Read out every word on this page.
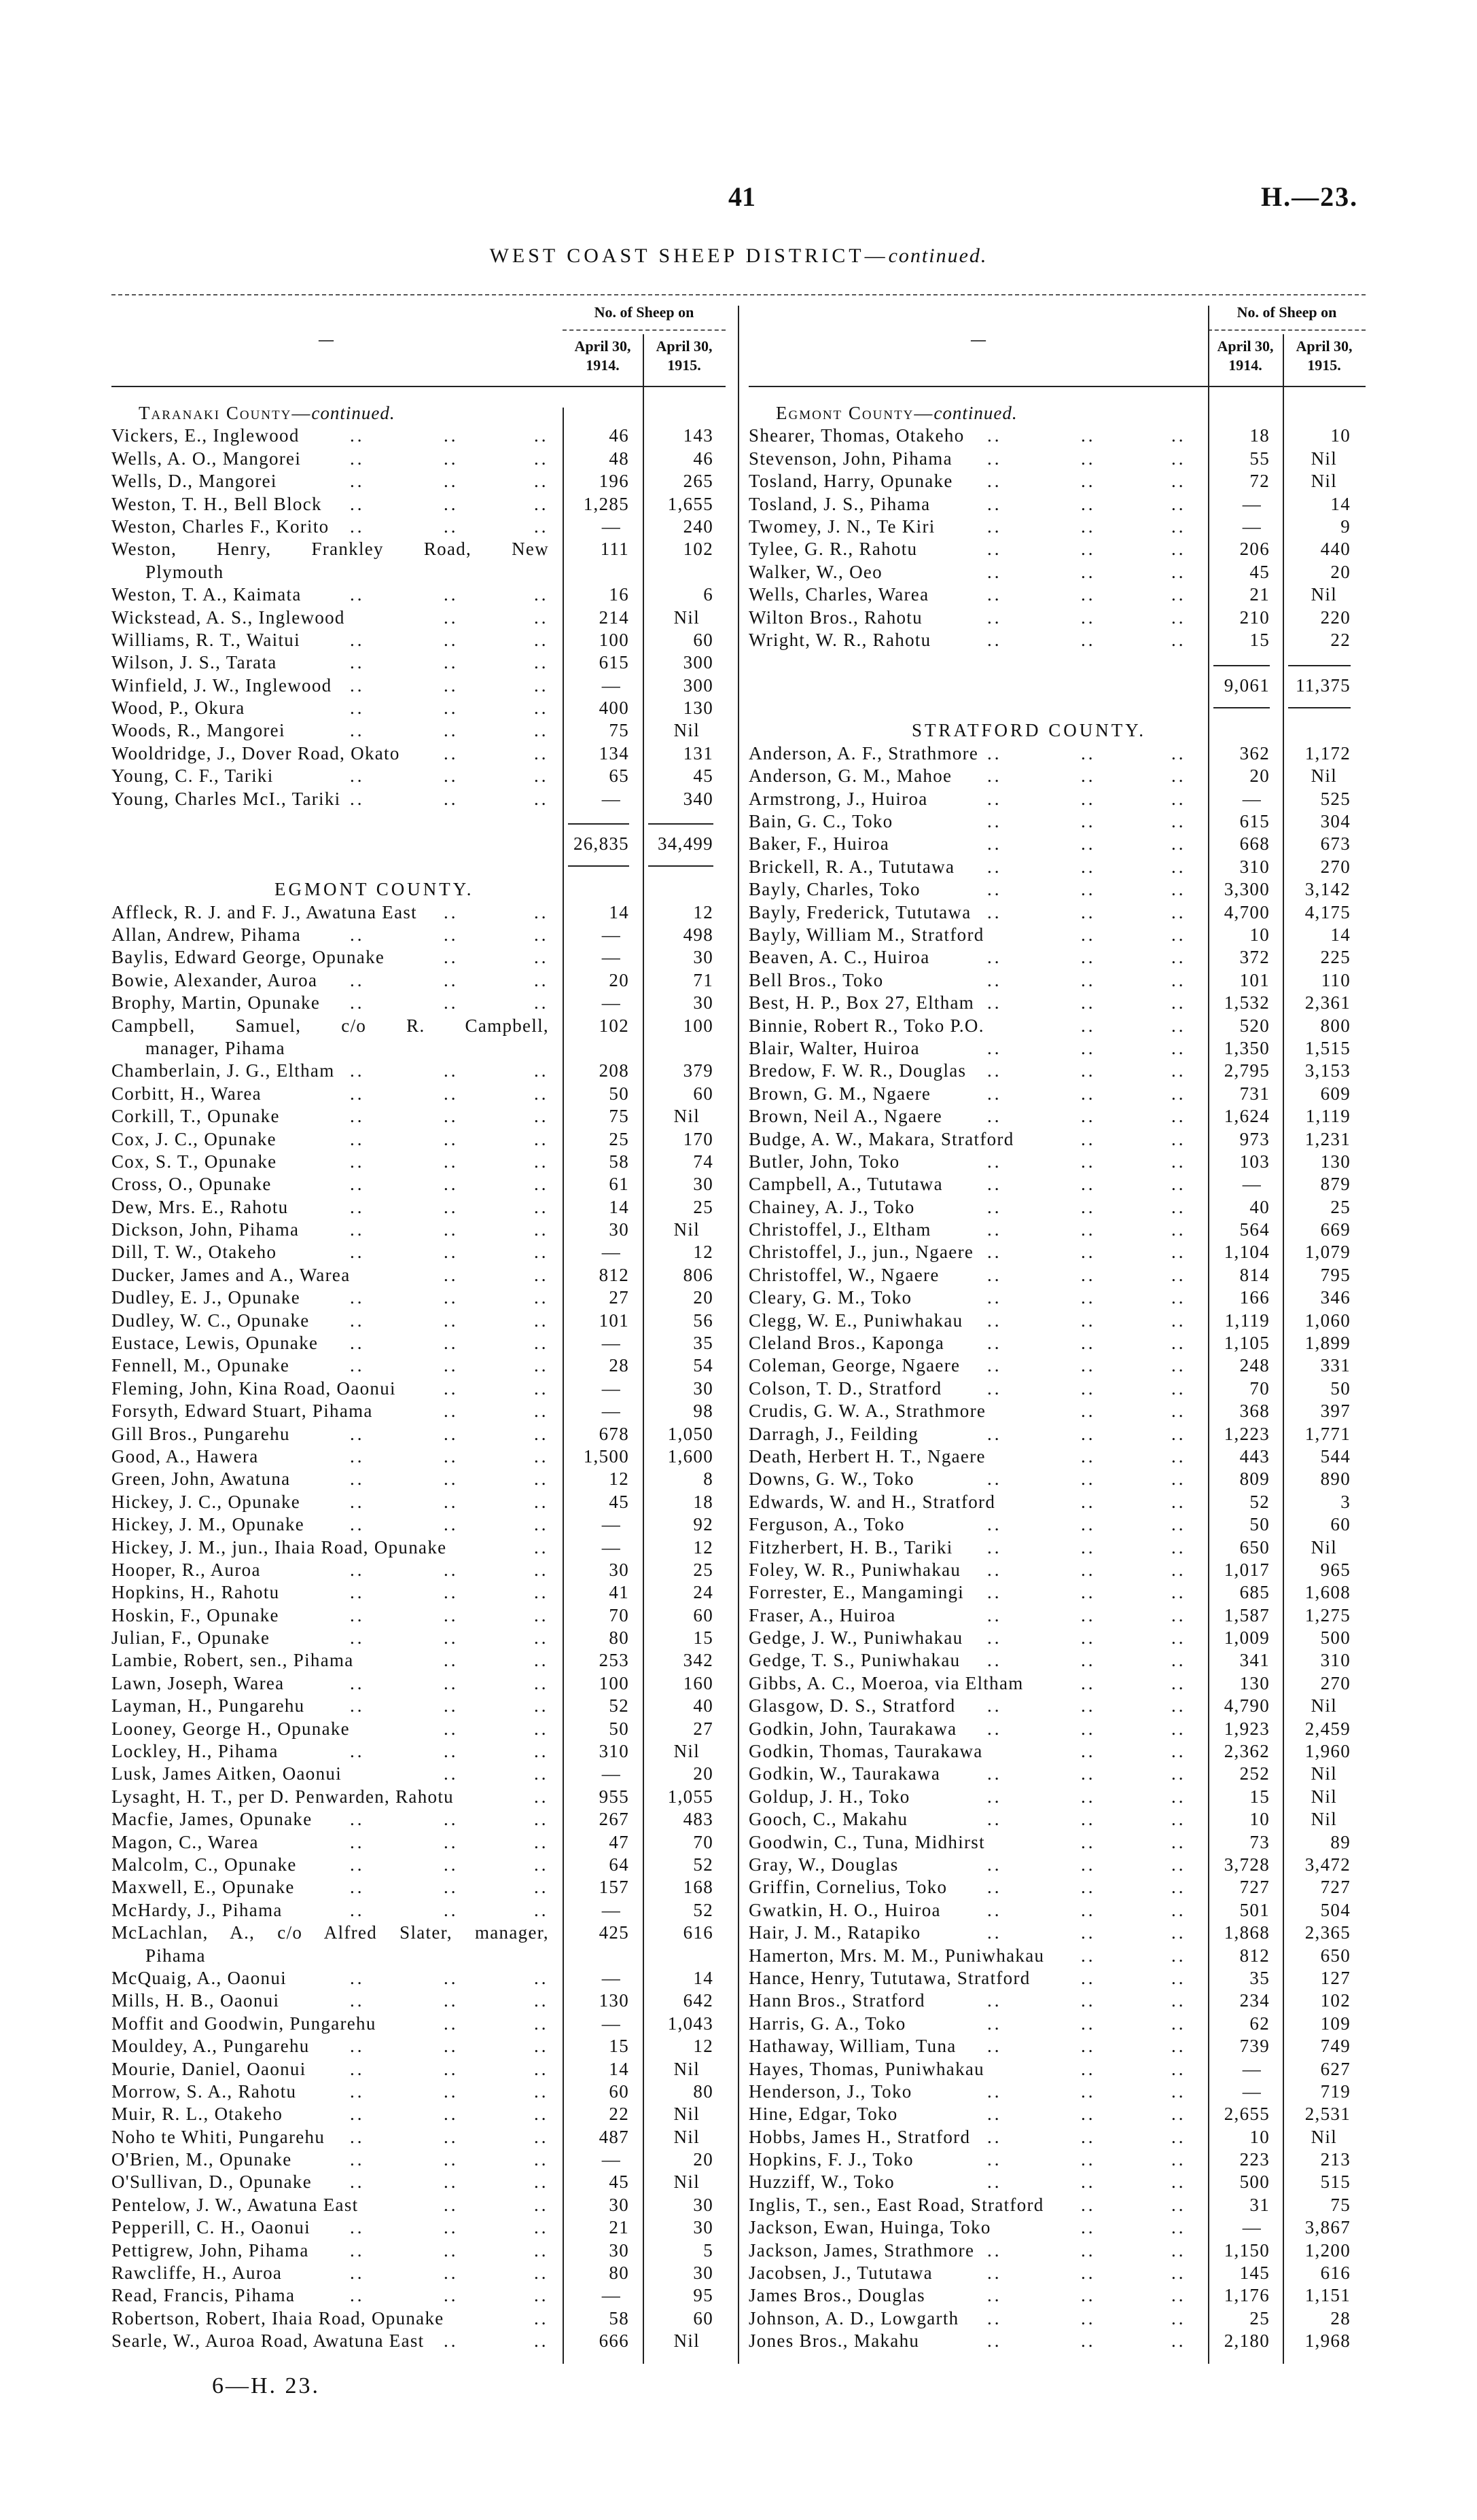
41	H.—23.
WEST COAST SHEEP DISTRICT—continued.
No. of Sheep on	No. of Sheep on
—	—
April 30,
1914.
April 30,
1915.
April 30,
1914.
April 30,
1915.
Taranaki County—continued.
Vickers, E., Inglewood	46	143
..	..	..
Wells, A. O., Mangorei	48	46
..	..	..
Wells, D., Mangorei	196	265
..	..	..
Weston, T. H., Bell Block	1,285	1,655
..	..	..
Weston, Charles F., Korito	—	240
..	..	..
Weston, Henry, Frankley Road, New	111	102
Plymouth
Weston, T. A., Kaimata	16	6
..	..	..
Wickstead, A. S., Inglewood	214	Nil
..	..
Williams, R. T., Waitui	100	60
..	..	..
Wilson, J. S., Tarata	615	300
..	..	..
Winfield, J. W., Inglewood	—	300
..	..	..
Wood, P., Okura	400	130
..	..	..
Woods, R., Mangorei	75	Nil
..	..	..
Wooldridge, J., Dover Road, Okato	134	131
..	..
Young, C. F., Tariki	65	45
..	..	..
Young, Charles McI., Tariki	—	340
..	..	..
26,835	34,499
EGMONT COUNTY.
Affleck, R. J. and F. J., Awatuna East	14	12
..	..
Allan, Andrew, Pihama	—	498
..	..	..
Baylis, Edward George, Opunake	—	30
..	..
Bowie, Alexander, Auroa	20	71
..	..	..
Brophy, Martin, Opunake	—	30
..	..	..
Campbell, Samuel, c/o R. Campbell,	102	100
manager, Pihama
Chamberlain, J. G., Eltham	208	379
..	..	..
Corbitt, H., Warea	50	60
..	..	..
Corkill, T., Opunake	75	Nil
..	..	..
Cox, J. C., Opunake	25	170
..	..	..
Cox, S. T., Opunake	58	74
..	..	..
Cross, O., Opunake	61	30
..	..	..
Dew, Mrs. E., Rahotu	14	25
..	..	..
Dickson, John, Pihama	30	Nil
..	..	..
Dill, T. W., Otakeho	—	12
..	..	..
Ducker, James and A., Warea	812	806
..	..
Dudley, E. J., Opunake	27	20
..	..	..
Dudley, W. C., Opunake	101	56
..	..	..
Eustace, Lewis, Opunake	—	35
..	..	..
Fennell, M., Opunake	28	54
..	..	..
Fleming, John, Kina Road, Oaonui	—	30
..	..
Forsyth, Edward Stuart, Pihama	—	98
..	..
Gill Bros., Pungarehu	678	1,050
..	..	..
Good, A., Hawera	1,500	1,600
..	..	..
Green, John, Awatuna	12	8
..	..	..
Hickey, J. C., Opunake	45	18
..	..	..
Hickey, J. M., Opunake	—	92
..	..	..
Hickey, J. M., jun., Ihaia Road, Opunake	—	12
..
Hooper, R., Auroa	30	25
..	..	..
Hopkins, H., Rahotu	41	24
..	..	..
Hoskin, F., Opunake	70	60
..	..	..
Julian, F., Opunake	80	15
..	..	..
Lambie, Robert, sen., Pihama	253	342
..	..
Lawn, Joseph, Warea	100	160
..	..	..
Layman, H., Pungarehu	52	40
..	..	..
Looney, George H., Opunake	50	27
..	..
Lockley, H., Pihama	310	Nil
..	..	..
Lusk, James Aitken, Oaonui	—	20
..	..
Lysaght, H. T., per D. Penwarden, Rahotu	955	1,055
..
Macfie, James, Opunake	267	483
..	..	..
Magon, C., Warea	47	70
..	..	..
Malcolm, C., Opunake	64	52
..	..	..
Maxwell, E., Opunake	157	168
..	..	..
McHardy, J., Pihama	—	52
..	..	..
McLachlan, A., c/o Alfred Slater, manager,	425	616
Pihama
McQuaig, A., Oaonui	—	14
..	..	..
Mills, H. B., Oaonui	130	642
..	..	..
Moffit and Goodwin, Pungarehu	—	1,043
..	..
Mouldey, A., Pungarehu	15	12
..	..	..
Mourie, Daniel, Oaonui	14	Nil
..	..	..
Morrow, S. A., Rahotu	60	80
..	..	..
Muir, R. L., Otakeho	22	Nil
..	..	..
Noho te Whiti, Pungarehu	487	Nil
..	..	..
O'Brien, M., Opunake	—	20
..	..	..
O'Sullivan, D., Opunake	45	Nil
..	..	..
Pentelow, J. W., Awatuna East	30	30
..	..
Pepperill, C. H., Oaonui	21	30
..	..	..
Pettigrew, John, Pihama	30	5
..	..	..
Rawcliffe, H., Auroa	80	30
..	..	..
Read, Francis, Pihama	—	95
..	..	..
Robertson, Robert, Ihaia Road, Opunake	58	60
..
Searle, W., Auroa Road, Awatuna East	666	Nil
..	..
Egmont County—continued.
Shearer, Thomas, Otakeho	18	10
..	..	..
Stevenson, John, Pihama	55	Nil
..	..	..
Tosland, Harry, Opunake	72	Nil
..	..	..
Tosland, J. S., Pihama	—	14
..	..	..
Twomey, J. N., Te Kiri	—	9
..	..	..
Tylee, G. R., Rahotu	206	440
..	..	..
Walker, W., Oeo	45	20
..	..	..
Wells, Charles, Warea	21	Nil
..	..	..
Wilton Bros., Rahotu	210	220
..	..	..
Wright, W. R., Rahotu	15	22
..	..	..
9,061	11,375
STRATFORD COUNTY.
Anderson, A. F., Strathmore	362	1,172
..	..	..
Anderson, G. M., Mahoe	20	Nil
..	..	..
Armstrong, J., Huiroa	—	525
..	..	..
Bain, G. C., Toko	615	304
..	..	..
Baker, F., Huiroa	668	673
..	..	..
Brickell, R. A., Tututawa	310	270
..	..	..
Bayly, Charles, Toko	3,300	3,142
..	..	..
Bayly, Frederick, Tututawa	4,700	4,175
..	..	..
Bayly, William M., Stratford	10	14
..	..
Beaven, A. C., Huiroa	372	225
..	..	..
Bell Bros., Toko	101	110
..	..	..
Best, H. P., Box 27, Eltham	1,532	2,361
..	..	..
Binnie, Robert R., Toko P.O.	520	800
..	..
Blair, Walter, Huiroa	1,350	1,515
..	..	..
Bredow, F. W. R., Douglas	2,795	3,153
..	..	..
Brown, G. M., Ngaere	731	609
..	..	..
Brown, Neil A., Ngaere	1,624	1,119
..	..	..
Budge, A. W., Makara, Stratford	973	1,231
..	..
Butler, John, Toko	103	130
..	..	..
Campbell, A., Tututawa	—	879
..	..	..
Chainey, A. J., Toko	40	25
..	..	..
Christoffel, J., Eltham	564	669
..	..	..
Christoffel, J., jun., Ngaere	1,104	1,079
..	..	..
Christoffel, W., Ngaere	814	795
..	..	..
Cleary, G. M., Toko	166	346
..	..	..
Clegg, W. E., Puniwhakau	1,119	1,060
..	..	..
Cleland Bros., Kaponga	1,105	1,899
..	..	..
Coleman, George, Ngaere	248	331
..	..	..
Colson, T. D., Stratford	70	50
..	..	..
Crudis, G. W. A., Strathmore	368	397
..	..
Darragh, J., Feilding	1,223	1,771
..	..	..
Death, Herbert H. T., Ngaere	443	544
..	..
Downs, G. W., Toko	809	890
..	..	..
Edwards, W. and H., Stratford	52	3
..	..
Ferguson, A., Toko	50	60
..	..	..
Fitzherbert, H. B., Tariki	650	Nil
..	..	..
Foley, W. R., Puniwhakau	1,017	965
..	..	..
Forrester, E., Mangamingi	685	1,608
..	..	..
Fraser, A., Huiroa	1,587	1,275
..	..	..
Gedge, J. W., Puniwhakau	1,009	500
..	..	..
Gedge, T. S., Puniwhakau	341	310
..	..	..
Gibbs, A. C., Moeroa, via Eltham	130	270
..	..
Glasgow, D. S., Stratford	4,790	Nil
..	..	..
Godkin, John, Taurakawa	1,923	2,459
..	..	..
Godkin, Thomas, Taurakawa	2,362	1,960
..	..
Godkin, W., Taurakawa	252	Nil
..	..	..
Goldup, J. H., Toko	15	Nil
..	..	..
Gooch, C., Makahu	10	Nil
..	..	..
Goodwin, C., Tuna, Midhirst	73	89
..	..
Gray, W., Douglas	3,728	3,472
..	..	..
Griffin, Cornelius, Toko	727	727
..	..	..
Gwatkin, H. O., Huiroa	501	504
..	..	..
Hair, J. M., Ratapiko	1,868	2,365
..	..	..
Hamerton, Mrs. M. M., Puniwhakau	812	650
..	..
Hance, Henry, Tututawa, Stratford	35	127
..	..
Hann Bros., Stratford	234	102
..	..	..
Harris, G. A., Toko	62	109
..	..	..
Hathaway, William, Tuna	739	749
..	..	..
Hayes, Thomas, Puniwhakau	—	627
..	..
Henderson, J., Toko	—	719
..	..	..
Hine, Edgar, Toko	2,655	2,531
..	..	..
Hobbs, James H., Stratford	10	Nil
..	..	..
Hopkins, F. J., Toko	223	213
..	..	..
Huzziff, W., Toko	500	515
..	..	..
Inglis, T., sen., East Road, Stratford	31	75
..	..
Jackson, Ewan, Huinga, Toko	—	3,867
..	..
Jackson, James, Strathmore	1,150	1,200
..	..	..
Jacobsen, J., Tututawa	145	616
..	..	..
James Bros., Douglas	1,176	1,151
..	..	..
Johnson, A. D., Lowgarth	25	28
..	..	..
Jones Bros., Makahu	2,180	1,968
..	..	..
6—H. 23.
